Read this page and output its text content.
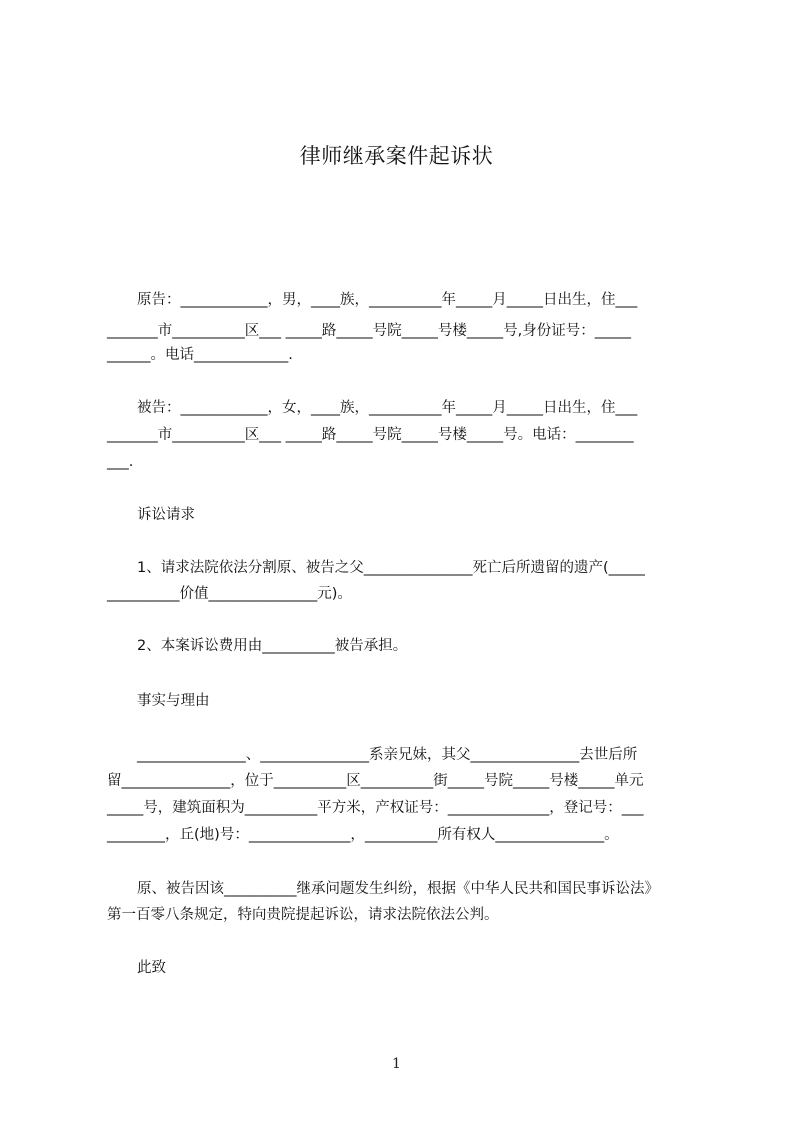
律师继承案件起诉状
原告：____________，男，____族，__________年_____月_____日出生，住___
_______市__________区___ _____路_____号院_____号楼_____号,身份证号：_____
______。电话_____________.
被告：____________，女，____族，__________年_____月_____日出生，住___
_______市__________区___ _____路_____号院_____号楼_____号。电话：________
___.
诉讼请求
1、请求法院依法分割原、被告之父_______________死亡后所遗留的遗产(_____
__________价值_______________元)。
2、本案诉讼费用由__________被告承担。
事实与理由
_______________、_______________系亲兄妹，其父_______________去世后所
留_______________，位于__________区__________街_____号院_____号楼_____单元
_____号，建筑面积为__________平方米，产权证号：______________，登记号：___
________，丘(地)号：______________，__________所有权人_______________。
原、被告因该__________继承问题发生纠纷，根据《中华人民共和国民事诉讼法》
第一百零八条规定，特向贵院提起诉讼，请求法院依法公判。
此致
1
